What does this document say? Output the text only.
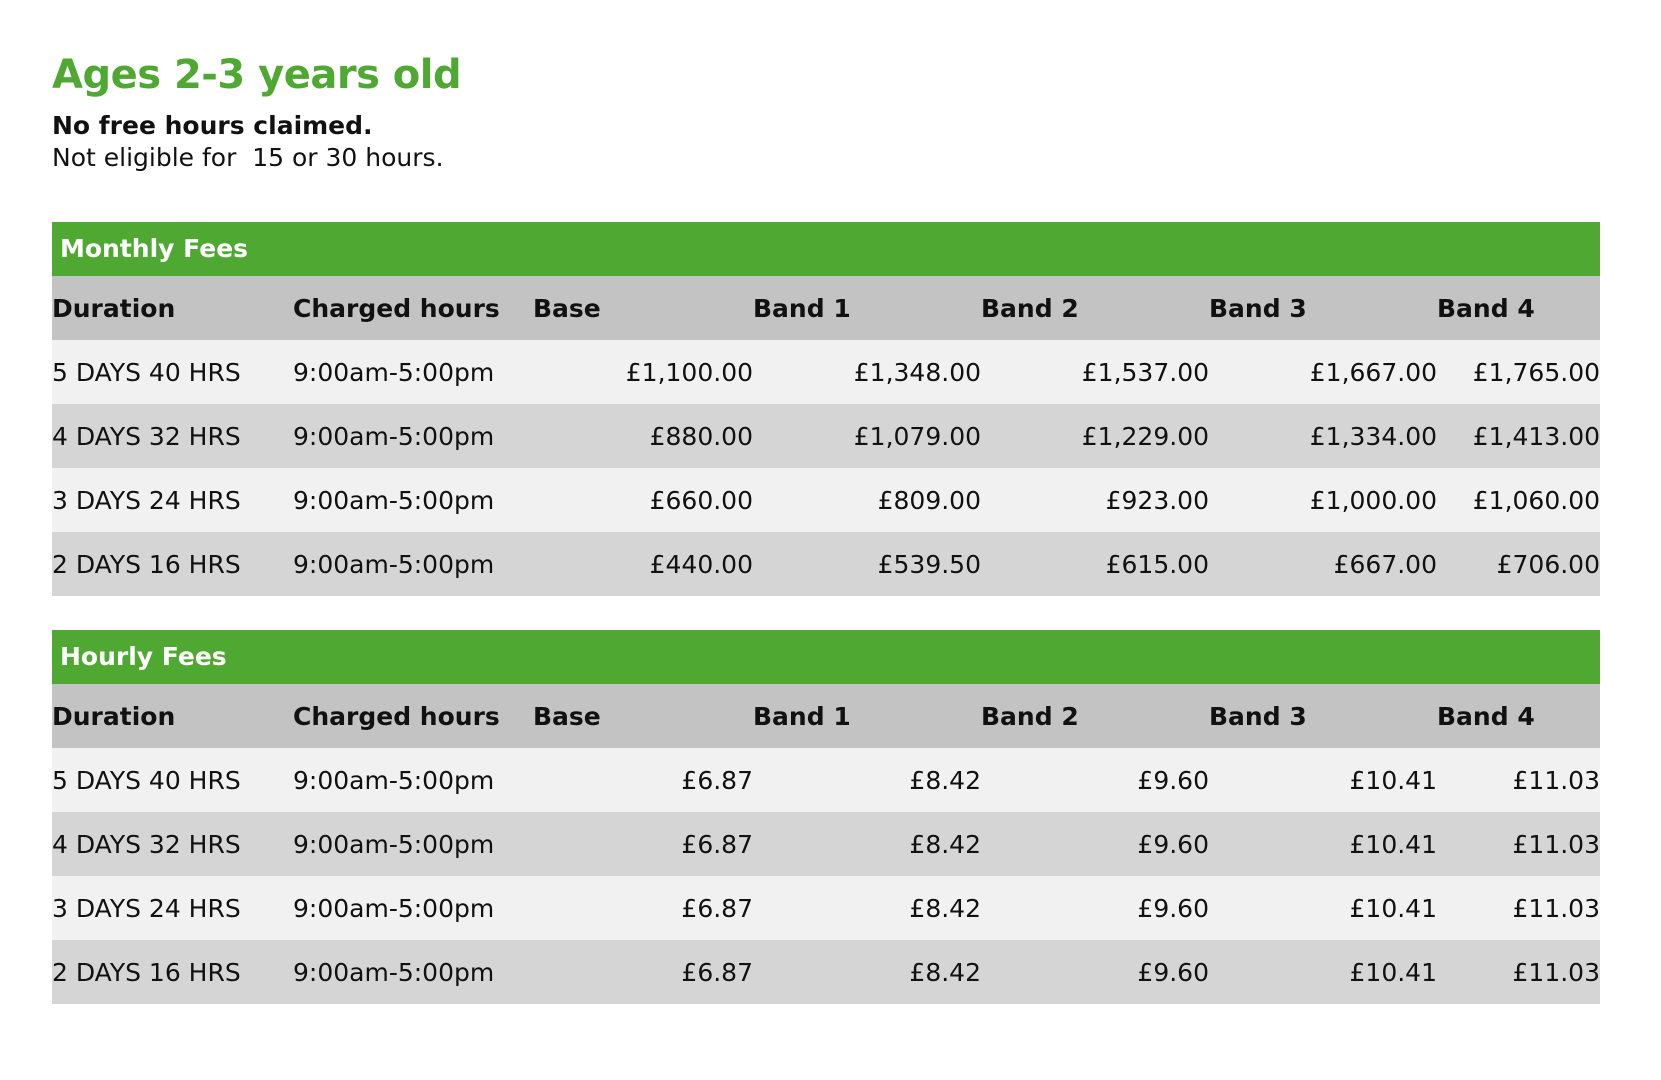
Ages 2-3 years old

No free hours claimed.

Not eligible for  15 or 30 hours.

Monthly Fees
Duration	Charged hours	Base	Band 1	Band 2	Band 3	Band 4
5 DAYS 40 HRS	9:00am-5:00pm	£1,100.00	£1,348.00	£1,537.00	£1,667.00	£1,765.00
4 DAYS 32 HRS	9:00am-5:00pm	£880.00	£1,079.00	£1,229.00	£1,334.00	£1,413.00
3 DAYS 24 HRS	9:00am-5:00pm	£660.00	£809.00	£923.00	£1,000.00	£1,060.00
2 DAYS 16 HRS	9:00am-5:00pm	£440.00	£539.50	£615.00	£667.00	£706.00
Hourly Fees
Duration	Charged hours	Base	Band 1	Band 2	Band 3	Band 4
5 DAYS 40 HRS	9:00am-5:00pm	£6.87	£8.42	£9.60	£10.41	£11.03
4 DAYS 32 HRS	9:00am-5:00pm	£6.87	£8.42	£9.60	£10.41	£11.03
3 DAYS 24 HRS	9:00am-5:00pm	£6.87	£8.42	£9.60	£10.41	£11.03
2 DAYS 16 HRS	9:00am-5:00pm	£6.87	£8.42	£9.60	£10.41	£11.03
